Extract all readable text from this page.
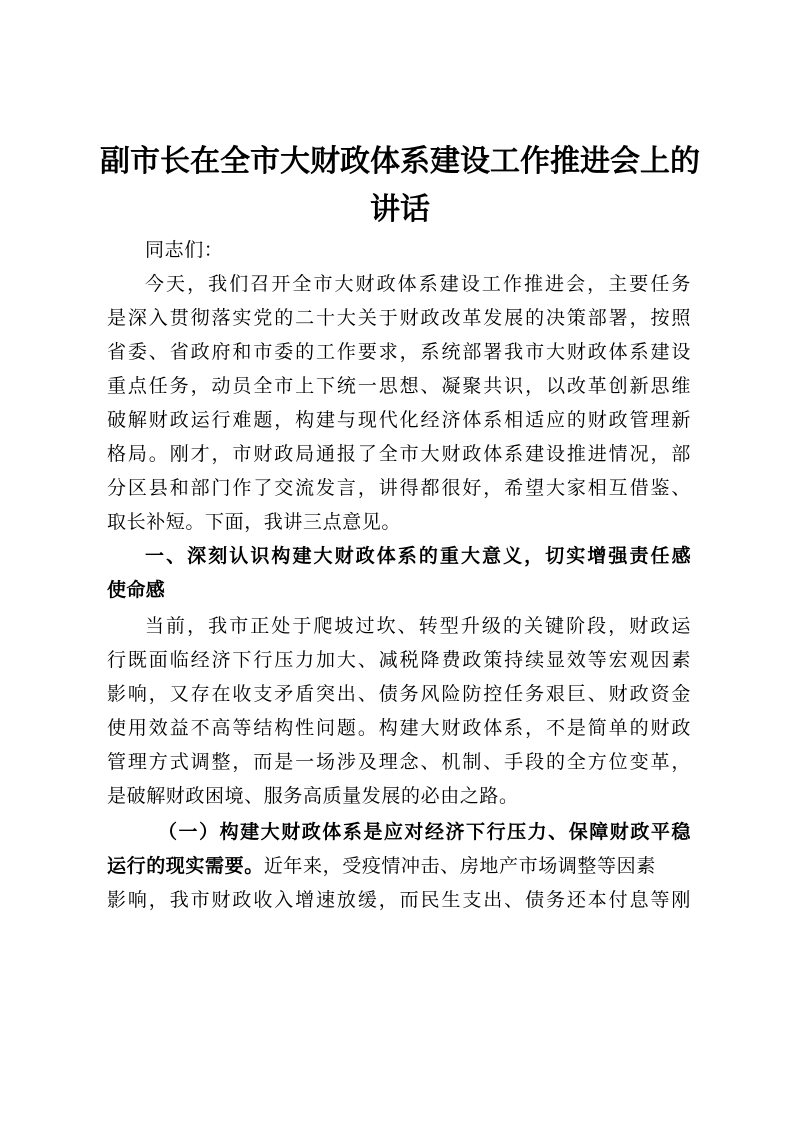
副市长在全市大财政体系建设工作推进会上的
讲话
同志们：
今天，我们召开全市大财政体系建设工作推进会，主要任务
是深入贯彻落实党的二十大关于财政改革发展的决策部署，按照
省委、省政府和市委的工作要求，系统部署我市大财政体系建设
重点任务，动员全市上下统一思想、凝聚共识，以改革创新思维
破解财政运行难题，构建与现代化经济体系相适应的财政管理新
格局。刚才，市财政局通报了全市大财政体系建设推进情况，部
分区县和部门作了交流发言，讲得都很好，希望大家相互借鉴、
取长补短。下面，我讲三点意见。
一、深刻认识构建大财政体系的重大意义，切实增强责任感
使命感
当前，我市正处于爬坡过坎、转型升级的关键阶段，财政运
行既面临经济下行压力加大、减税降费政策持续显效等宏观因素
影响，又存在收支矛盾突出、债务风险防控任务艰巨、财政资金
使用效益不高等结构性问题。构建大财政体系，不是简单的财政
管理方式调整，而是一场涉及理念、机制、手段的全方位变革，
是破解财政困境、服务高质量发展的必由之路。
（一）构建大财政体系是应对经济下行压力、保障财政平稳
运行的现实需要。近年来，受疫情冲击、房地产市场调整等因素
影响，我市财政收入增速放缓，而民生支出、债务还本付息等刚
